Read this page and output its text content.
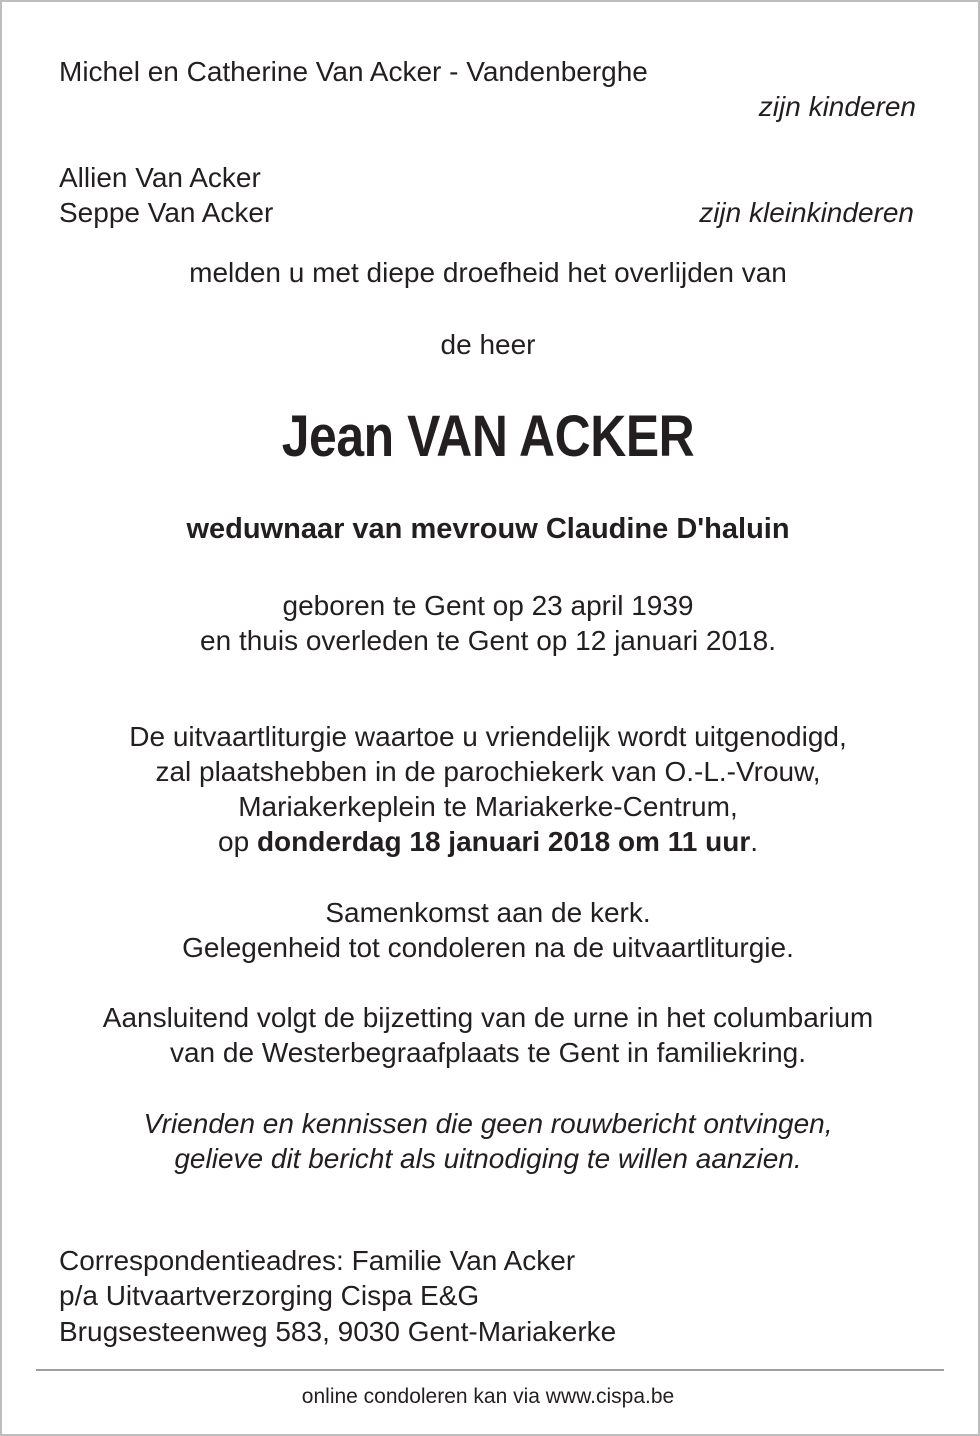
Michel en Catherine Van Acker - Vandenberghe
zijn kinderen
Allien Van Acker
Seppe Van Acker	zijn kleinkinderen
melden u met diepe droefheid het overlijden van
de heer
Jean VAN ACKER
weduwnaar van mevrouw Claudine D'haluin
geboren te Gent op 23 april 1939
en thuis overleden te Gent op 12 januari 2018.
De uitvaartliturgie waartoe u vriendelijk wordt uitgenodigd,
zal plaatshebben in de parochiekerk van O.-L.-Vrouw,
Mariakerkeplein te Mariakerke-Centrum,
op donderdag 18 januari 2018 om 11 uur.
Samenkomst aan de kerk.
Gelegenheid tot condoleren na de uitvaartliturgie.
Aansluitend volgt de bijzetting van de urne in het columbarium
van de Westerbegraafplaats te Gent in familiekring.
Vrienden en kennissen die geen rouwbericht ontvingen,
gelieve dit bericht als uitnodiging te willen aanzien.
Correspondentieadres: Familie Van Acker
p/a Uitvaartverzorging Cispa E&G
Brugsesteenweg 583, 9030 Gent-Mariakerke
online condoleren kan via www.cispa.be
